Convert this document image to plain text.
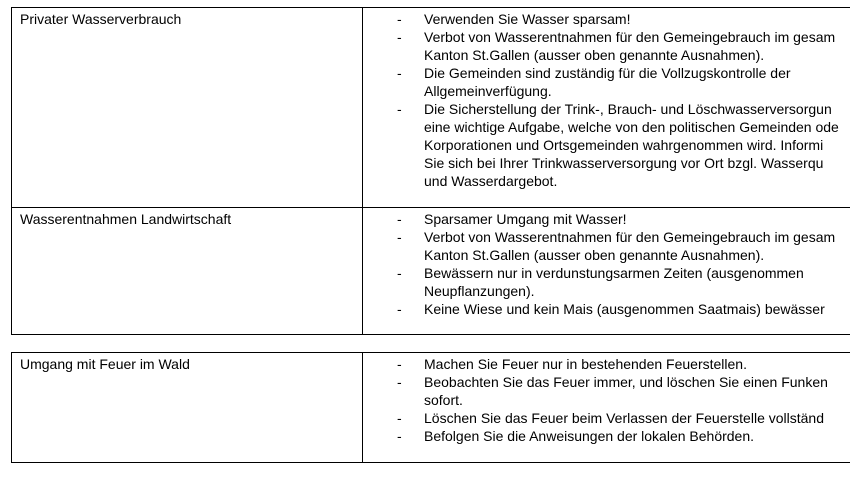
Privater Wasserverbrauch	- Verwenden Sie Wasser sparsam!
- Verbot von Wasserentnahmen für den Gemeingebrauch im gesam
Kanton St.Gallen (ausser oben genannte Ausnahmen).
- Die Gemeinden sind zuständig für die Vollzugskontrolle der
Allgemeinverfügung.
- Die Sicherstellung der Trink-, Brauch- und Löschwasserversorgun
eine wichtige Aufgabe, welche von den politischen Gemeinden ode
Korporationen und Ortsgemeinden wahrgenommen wird. Informi
Sie sich bei Ihrer Trinkwasserversorgung vor Ort bzgl. Wasserqu
und Wasserdargebot.
Wasserentnahmen Landwirtschaft	- Sparsamer Umgang mit Wasser!
- Verbot von Wasserentnahmen für den Gemeingebrauch im gesam
Kanton St.Gallen (ausser oben genannte Ausnahmen).
- Bewässern nur in verdunstungsarmen Zeiten (ausgenommen
Neupflanzungen).
- Keine Wiese und kein Mais (ausgenommen Saatmais) bewässer
Umgang mit Feuer im Wald	- Machen Sie Feuer nur in bestehenden Feuerstellen.
- Beobachten Sie das Feuer immer, und löschen Sie einen Funken
sofort.
- Löschen Sie das Feuer beim Verlassen der Feuerstelle vollständ
- Befolgen Sie die Anweisungen der lokalen Behörden.
